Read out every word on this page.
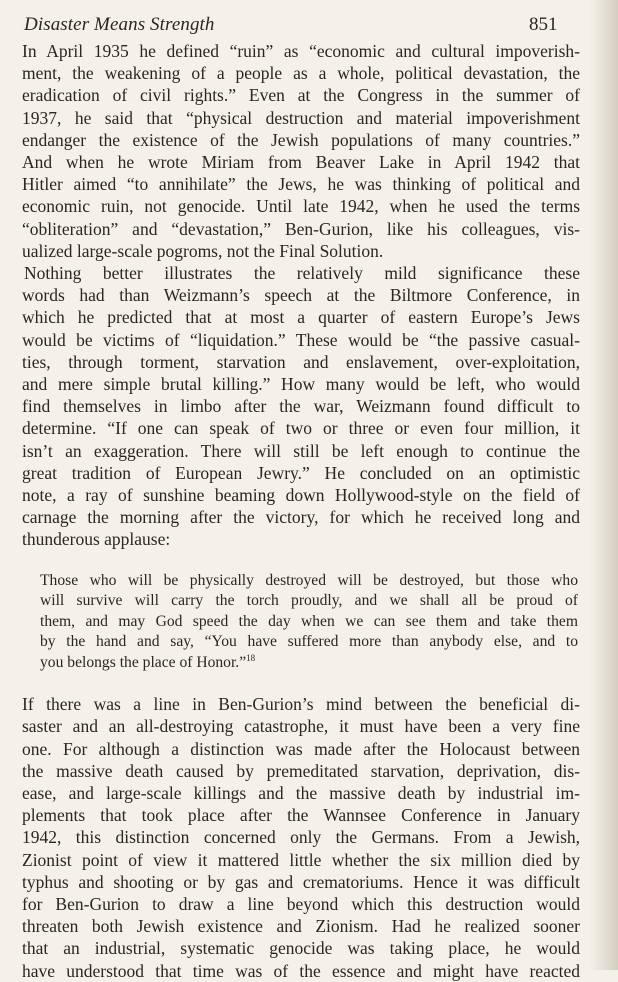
Disaster Means Strength	851

In April 1935 he defined “ruin” as “economic and cultural impoverish-
ment, the weakening of a people as a whole, political devastation, the
eradication of civil rights.” Even at the Congress in the summer of
1937, he said that “physical destruction and material impoverishment
endanger the existence of the Jewish populations of many countries.”
And when he wrote Miriam from Beaver Lake in April 1942 that
Hitler aimed “to annihilate” the Jews, he was thinking of political and
economic ruin, not genocide. Until late 1942, when he used the terms
“obliteration” and “devastation,” Ben-Gurion, like his colleagues, vis-
ualized large-scale pogroms, not the Final Solution.

Nothing better illustrates the relatively mild significance these
words had than Weizmann’s speech at the Biltmore Conference, in
which he predicted that at most a quarter of eastern Europe’s Jews
would be victims of “liquidation.” These would be “the passive casual-
ties, through torment, starvation and enslavement, over-exploitation,
and mere simple brutal killing.” How many would be left, who would
find themselves in limbo after the war, Weizmann found difficult to
determine. “If one can speak of two or three or even four million, it
isn’t an exaggeration. There will still be left enough to continue the
great tradition of European Jewry.” He concluded on an optimistic
note, a ray of sunshine beaming down Hollywood-style on the field of
carnage the morning after the victory, for which he received long and
thunderous applause:

Those who will be physically destroyed will be destroyed, but those who
will survive will carry the torch proudly, and we shall all be proud of
them, and may God speed the day when we can see them and take them
by the hand and say, “You have suffered more than anybody else, and to
you belongs the place of Honor.”$^{18}$

If there was a line in Ben-Gurion’s mind between the beneficial di-
saster and an all-destroying catastrophe, it must have been a very fine
one. For although a distinction was made after the Holocaust between
the massive death caused by premeditated starvation, deprivation, dis-
ease, and large-scale killings and the massive death by industrial im-
plements that took place after the Wannsee Conference in January
1942, this distinction concerned only the Germans. From a Jewish,
Zionist point of view it mattered little whether the six million died by
typhus and shooting or by gas and crematoriums. Hence it was difficult
for Ben-Gurion to draw a line beyond which this destruction would
threaten both Jewish existence and Zionism. Had he realized sooner
that an industrial, systematic genocide was taking place, he would
have understood that time was of the essence and might have reacted
